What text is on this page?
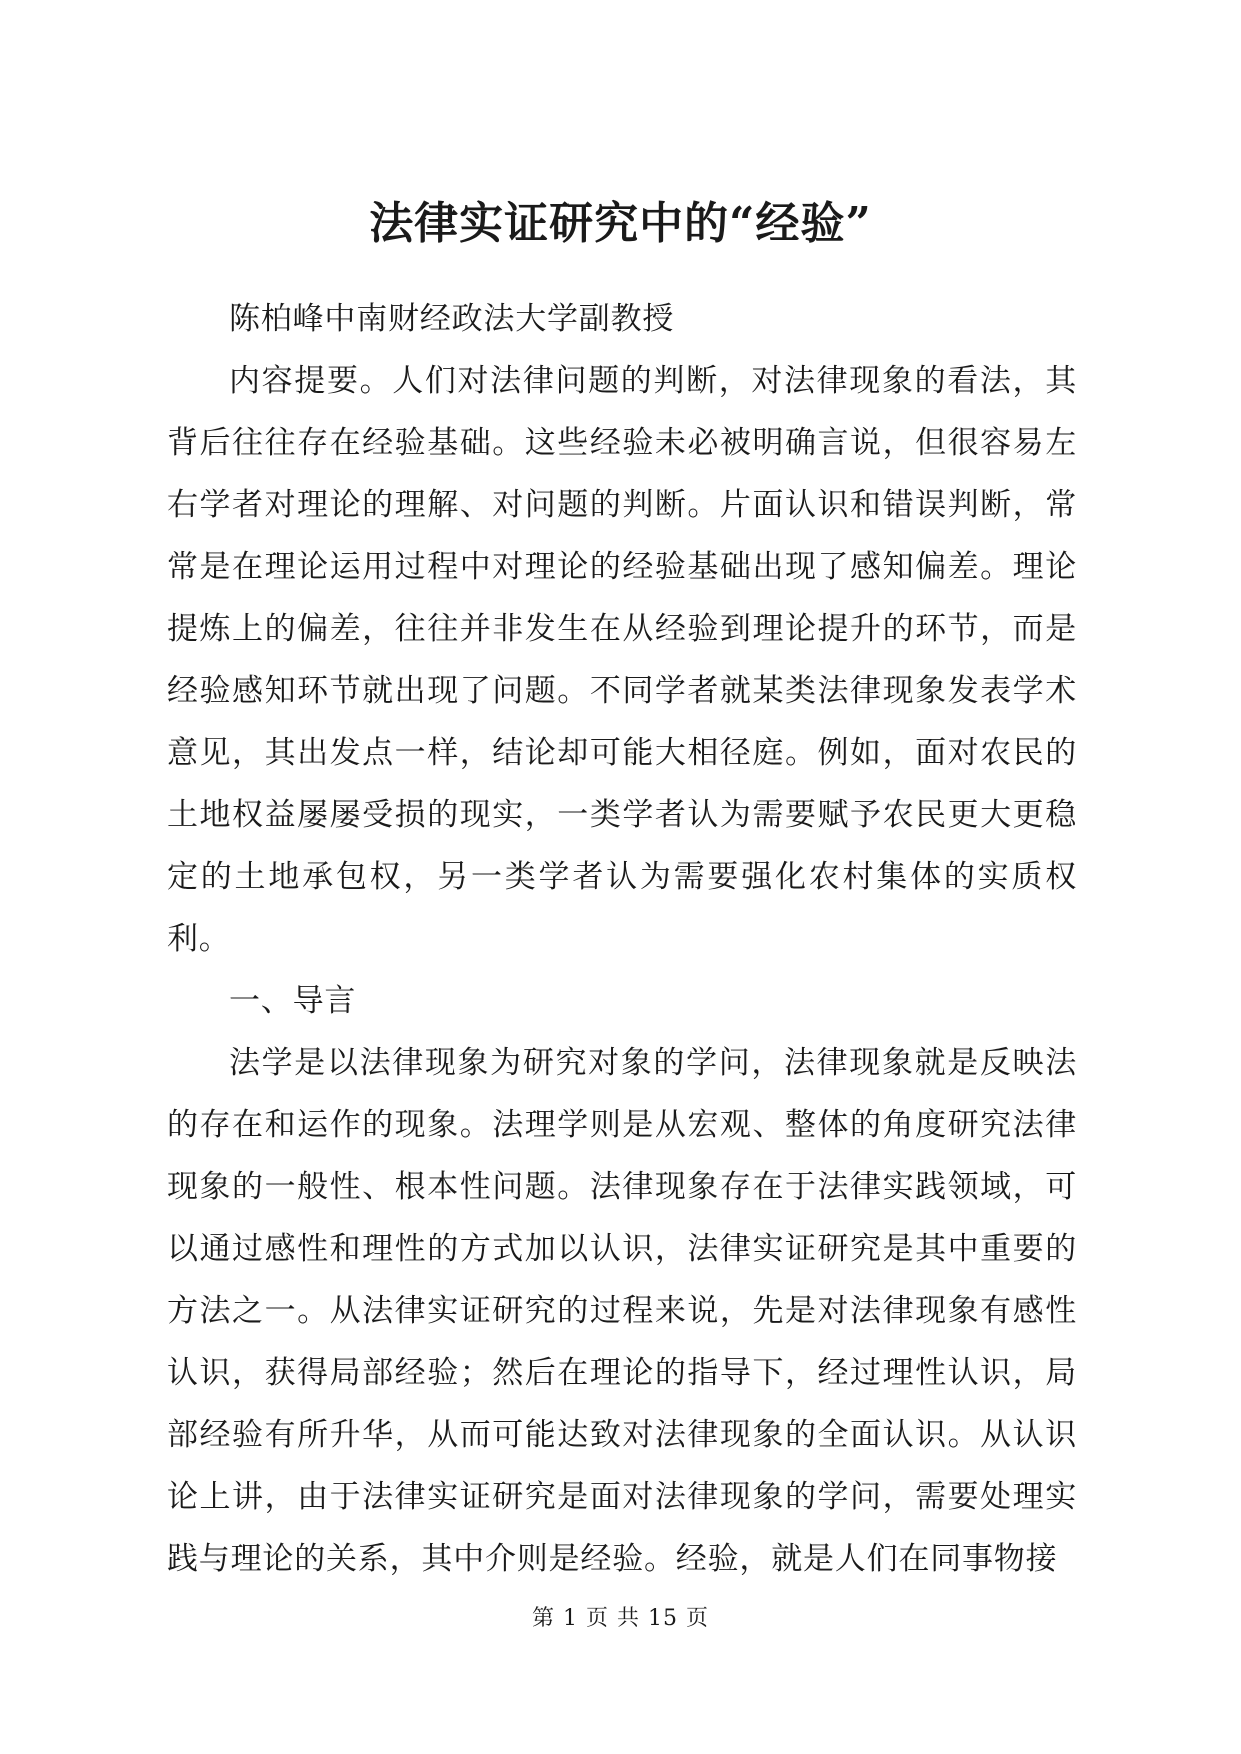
法律实证研究中的“经验”

陈柏峰中南财经政法大学副教授

内容提要。人们对法律问题的判断，对法律现象的看法，其背后往往存在经验基础。这些经验未必被明确言说，但很容易左右学者对理论的理解、对问题的判断。片面认识和错误判断，常常是在理论运用过程中对理论的经验基础出现了感知偏差。理论提炼上的偏差，往往并非发生在从经验到理论提升的环节，而是经验感知环节就出现了问题。不同学者就某类法律现象发表学术意见，其出发点一样，结论却可能大相径庭。例如，面对农民的土地权益屡屡受损的现实，一类学者认为需要赋予农民更大更稳定的土地承包权，另一类学者认为需要强化农村集体的实质权利。

一、导言

法学是以法律现象为研究对象的学问，法律现象就是反映法的存在和运作的现象。法理学则是从宏观、整体的角度研究法律现象的一般性、根本性问题。法律现象存在于法律实践领域，可以通过感性和理性的方式加以认识，法律实证研究是其中重要的方法之一。从法律实证研究的过程来说，先是对法律现象有感性认识，获得局部经验；然后在理论的指导下，经过理性认识，局部经验有所升华，从而可能达致对法律现象的全面认识。从认识论上讲，由于法律实证研究是面对法律现象的学问，需要处理实践与理论的关系，其中介则是经验。经验，就是人们在同事物接

第 1 页 共 15 页
